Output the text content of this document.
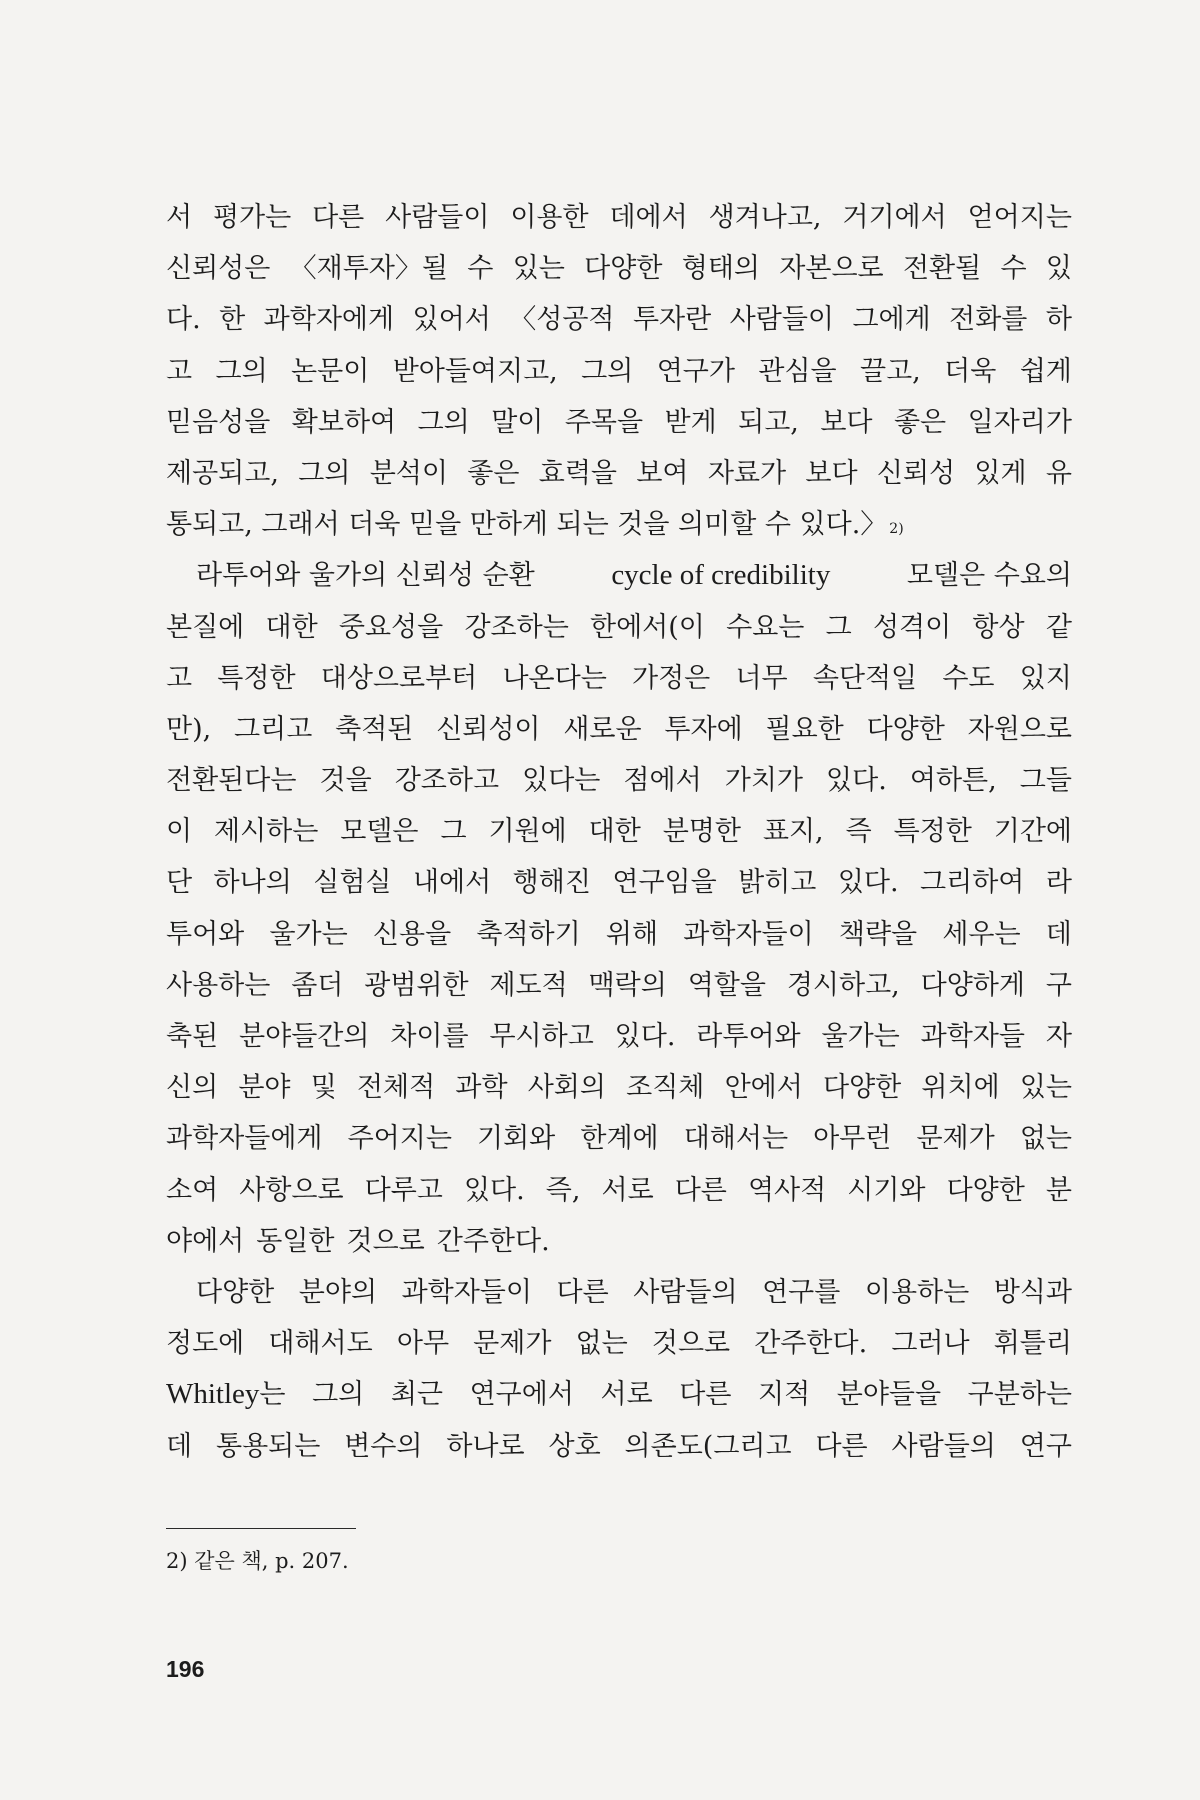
서 평가는 다른 사람들이 이용한 데에서 생겨나고, 거기에서 얻어지는
신뢰성은 〈재투자〉될 수 있는 다양한 형태의 자본으로 전환될 수 있
다. 한 과학자에게 있어서 〈성공적 투자란 사람들이 그에게 전화를 하
고 그의 논문이 받아들여지고, 그의 연구가 관심을 끌고, 더욱 쉽게
믿음성을 확보하여 그의 말이 주목을 받게 되고, 보다 좋은 일자리가
제공되고, 그의 분석이 좋은 효력을 보여 자료가 보다 신뢰성 있게 유
통되고, 그래서 더욱 믿을 만하게 되는 것을 의미할 수 있다.〉 2)
라투어와 울가의 신뢰성 순환	cycle of credibility	모델은 수요의
본질에 대한 중요성을 강조하는 한에서(이 수요는 그 성격이 항상 같
고 특정한 대상으로부터 나온다는 가정은 너무 속단적일 수도 있지
만), 그리고 축적된 신뢰성이 새로운 투자에 필요한 다양한 자원으로
전환된다는 것을 강조하고 있다는 점에서 가치가 있다. 여하튼, 그들
이 제시하는 모델은 그 기원에 대한 분명한 표지, 즉 특정한 기간에
단 하나의 실험실 내에서 행해진 연구임을 밝히고 있다. 그리하여 라
투어와 울가는 신용을 축적하기 위해 과학자들이 책략을 세우는 데
사용하는 좀더 광범위한 제도적 맥락의 역할을 경시하고, 다양하게 구
축된 분야들간의 차이를 무시하고 있다. 라투어와 울가는 과학자들 자
신의 분야 및 전체적 과학 사회의 조직체 안에서 다양한 위치에 있는
과학자들에게 주어지는 기회와 한계에 대해서는 아무런 문제가 없는
소여 사항으로 다루고 있다. 즉, 서로 다른 역사적 시기와 다양한 분
야에서 동일한 것으로 간주한다.
다양한 분야의 과학자들이 다른 사람들의 연구를 이용하는 방식과
정도에 대해서도 아무 문제가 없는 것으로 간주한다. 그러나 휘틀리
Whitley 는 그의 최근 연구에서 서로 다른 지적 분야들을 구분하는
데 통용되는 변수의 하나로 상호 의존도(그리고 다른 사람들의 연구
2) 같은 책, p. 207.
196
